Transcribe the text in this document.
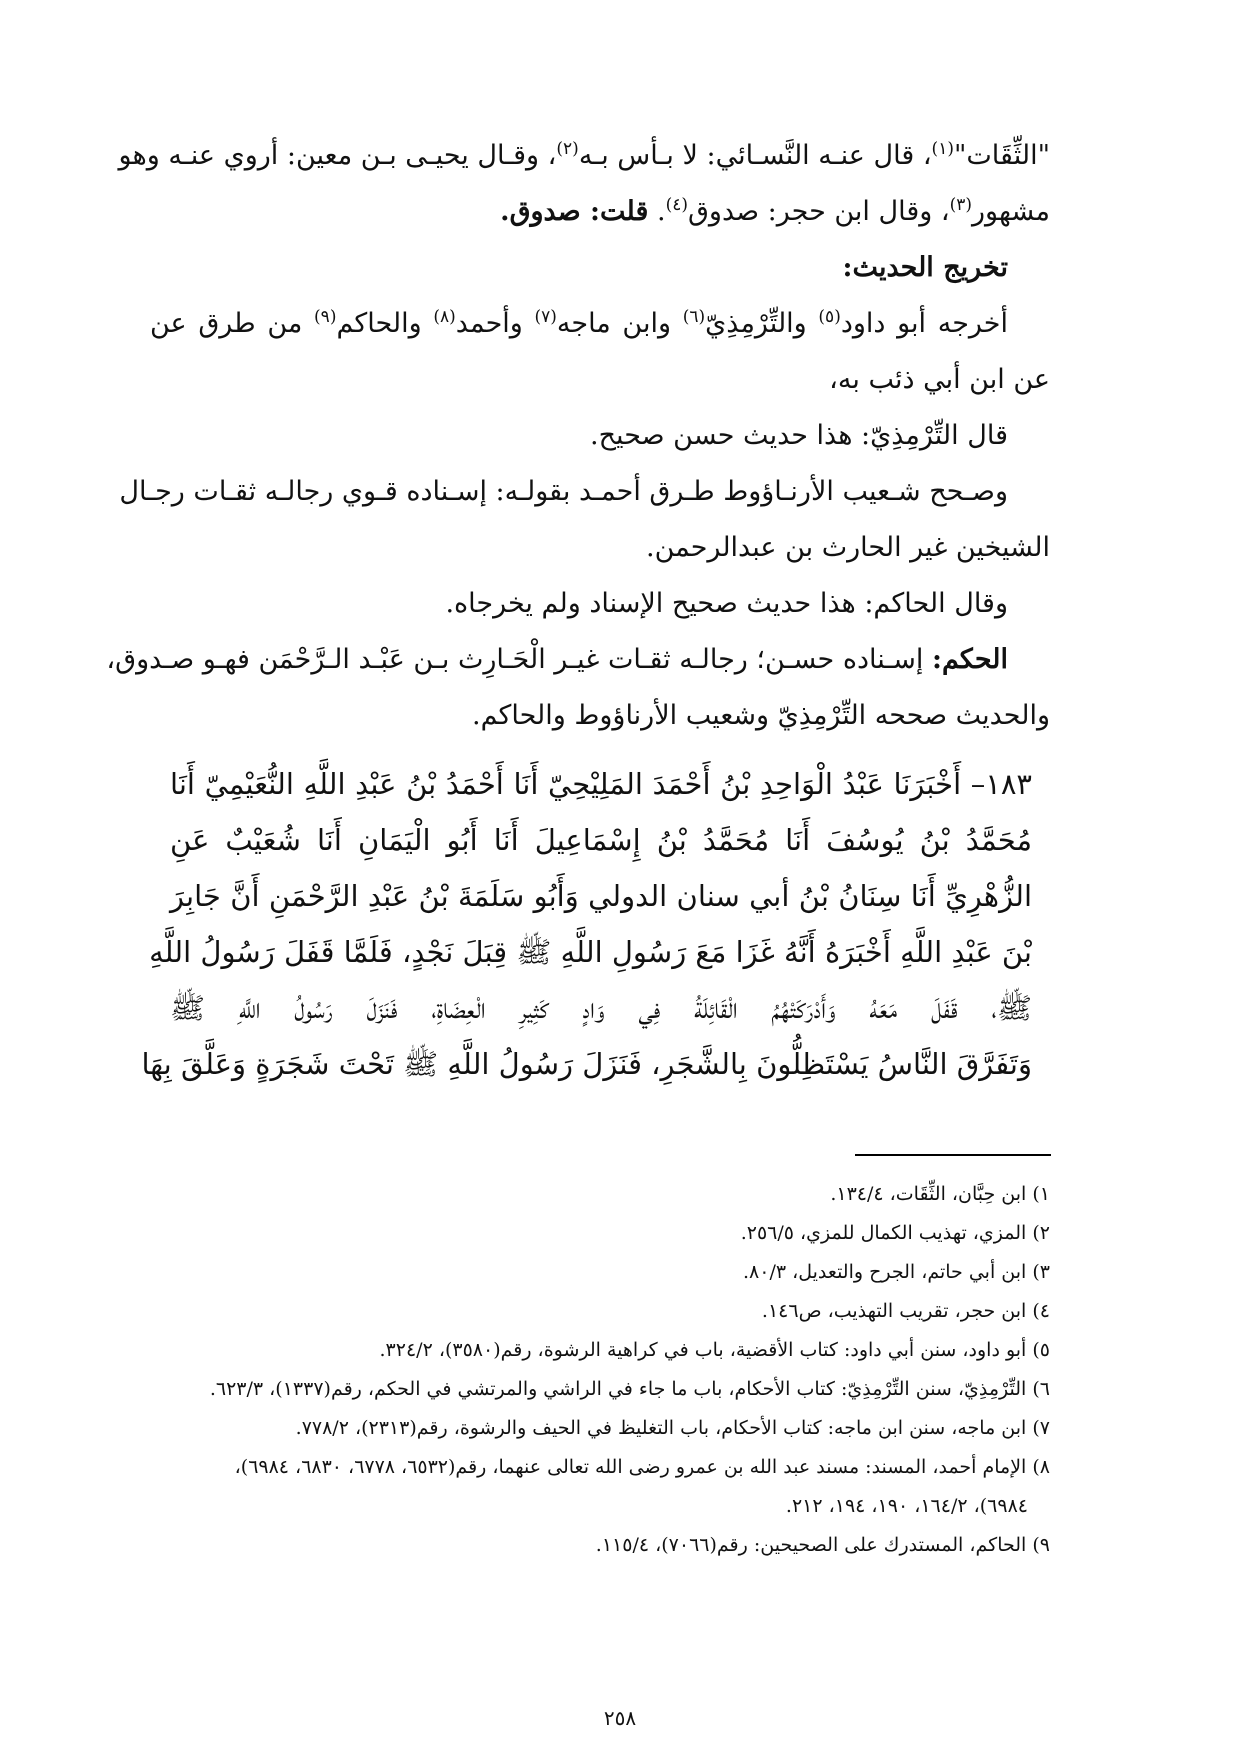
"الثِّقَات"$^{(١)}$، قال عنـه النَّسـائي: لا بـأس بـه$^{(٢)}$، وقـال يحيـى بـن معين: أروي عنـه وهو
مشهور$^{(٣)}$، وقال ابن حجر: صدوق$^{(٤)}$. قلت: صدوق.
تخريج الحديث:
أخرجه أبو داود$^{(٥)}$ والتِّرْمِذِيّ$^{(٦)}$ وابن ماجه$^{(٧)}$ وأحمد$^{(٨)}$ والحاكم$^{(٩)}$ من طرق عن
عن ابن أبي ذئب به،
قال التِّرْمِذِيّ: هذا حديث حسن صحيح.
وصـحح شـعيب الأرنـاؤوط طـرق أحمـد بقولـه: إسـناده قـوي رجالـه ثقـات رجـال
الشيخين غير الحارث بن عبدالرحمن.
وقال الحاكم: هذا حديث صحيح الإسناد ولم يخرجاه.
الحكم: إسـناده حسـن؛ رجالـه ثقـات غيـر الْحَـارِث بـن عَبْـد الـرَّحْمَن فهـو صـدوق،
والحديث صححه التِّرْمِذِيّ وشعيب الأرناؤوط والحاكم.
١٨٣– أَخْبَرَنَا عَبْدُ الْوَاحِدِ بْنُ أَحْمَدَ المَلِيْحِيّ أَنَا أَحْمَدُ بْنُ عَبْدِ اللَّهِ النُّعَيْمِيّ أَنَا
مُحَمَّدُ بْنُ يُوسُفَ أَنَا مُحَمَّدُ بْنُ إِسْمَاعِيلَ أَنَا أَبُو الْيَمَانِ أَنَا شُعَيْبٌ عَنِ
الزُّهْرِيِّ أَنَا سِنَانُ بْنُ أبي سنان الدولي وَأَبُو سَلَمَةَ بْنُ عَبْدِ الرَّحْمَنِ أَنَّ جَابِرَ
بْنَ عَبْدِ اللَّهِ أَخْبَرَهُ أَنَّهُ غَزَا مَعَ رَسُولِ اللَّهِ ﷺ قِبَلَ نَجْدٍ، فَلَمَّا قَفَلَ رَسُولُ اللَّهِ
ﷺ، قَفَلَ مَعَهُ وَأَدْرَكَتْهُمُ الْقَائِلَةُ فِي وَادٍ كَثِيرِ الْعِضَاةِ، فَنَزَلَ رَسُولُ اللَّهِ ﷺ
وَتَفَرَّقَ النَّاسُ يَسْتَظِلُّونَ بِالشَّجَرِ، فَنَزَلَ رَسُولُ اللَّهِ ﷺ تَحْتَ شَجَرَةٍ وَعَلَّقَ بِهَا
١) ابن حِبَّان، الثِّقَات، ١٣٤/٤.
٢) المزي، تهذيب الكمال للمزي، ٢٥٦/٥.
٣) ابن أبي حاتم، الجرح والتعديل، ٨٠/٣.
٤) ابن حجر، تقريب التهذيب، ص١٤٦.
٥) أبو داود، سنن أبي داود: كتاب الأقضية، باب في كراهية الرشوة، رقم(٣٥٨٠)، ٣٢٤/٢.
٦) التِّرْمِذِيّ، سنن التِّرْمِذِيّ: كتاب الأحكام، باب ما جاء في الراشي والمرتشي في الحكم، رقم(١٣٣٧)، ٦٢٣/٣.
٧) ابن ماجه، سنن ابن ماجه: كتاب الأحكام، باب التغليظ في الحيف والرشوة، رقم(٢٣١٣)، ٧٧٨/٢.
٨) الإمام أحمد، المسند: مسند عبد الله بن عمرو رضى الله تعالى عنهما، رقم(٦٥٣٢، ٦٧٧٨، ٦٨٣٠، ٦٩٨٤)،
٦٩٨٤)، ١٦٤/٢، ١٩٠، ١٩٤، ٢١٢.
٩) الحاكم، المستدرك على الصحيحين: رقم(٧٠٦٦)، ١١٥/٤.
٢٥٨
